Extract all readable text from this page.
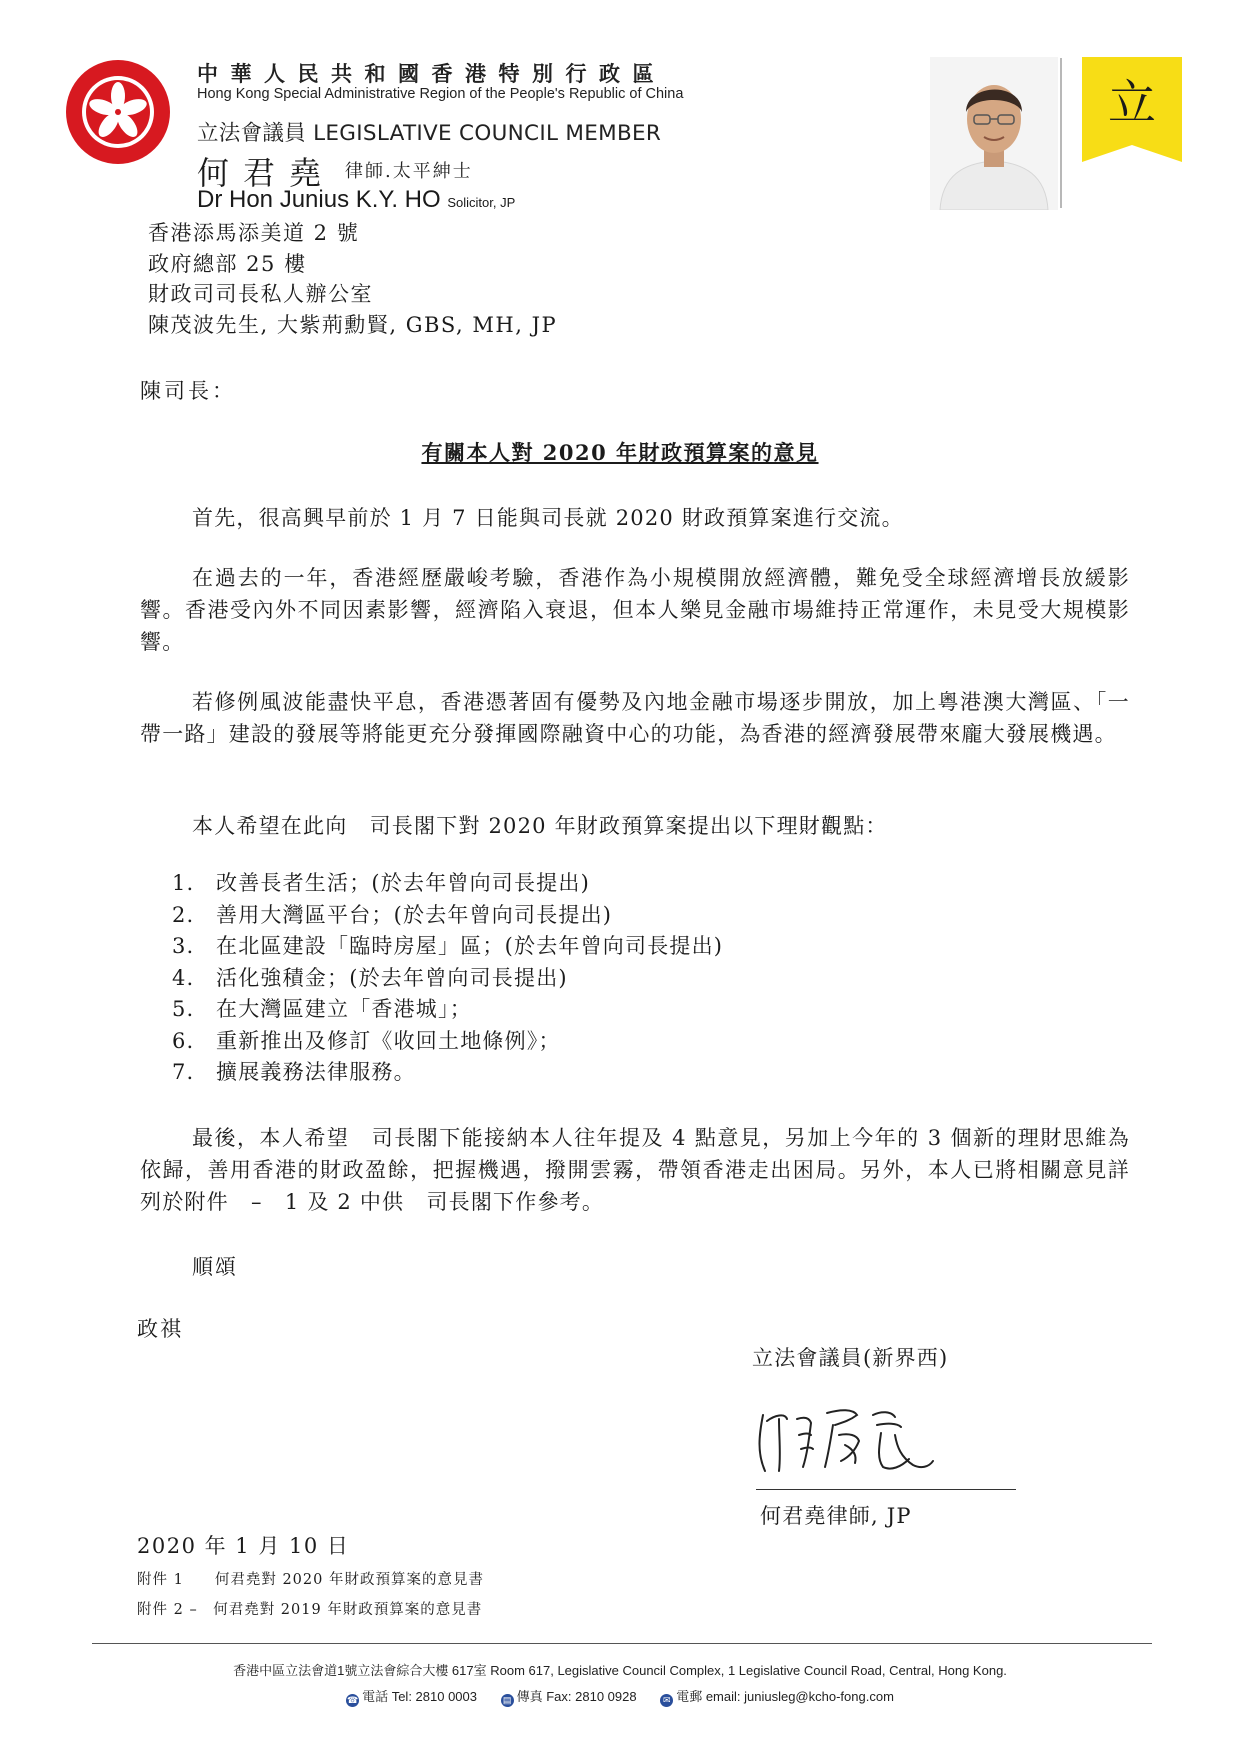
中華人民共和國香港特別行政區
Hong Kong Special Administrative Region of the People's Republic of China
立法會議員 LEGISLATIVE COUNCIL MEMBER
何君堯 律師.太平紳士
Dr Hon Junius K.Y. HO Solicitor, JP
立
香港添馬添美道 2 號
政府總部 25 樓
財政司司長私人辦公室
陳茂波先生, 大紫荊勳賢, GBS, MH, JP
陳司長：
有關本人對 2020 年財政預算案的意見
首先，很高興早前於 1 月 7 日能與司長就 2020 財政預算案進行交流。
在過去的一年，香港經歷嚴峻考驗，香港作為小規模開放經濟體，難免受全球經濟增長放緩影響。香港受內外不同因素影響，經濟陷入衰退，但本人樂見金融市場維持正常運作，未見受大規模影響。
若修例風波能盡快平息，香港憑著固有優勢及內地金融市場逐步開放，加上粵港澳大灣區、「一帶一路」建設的發展等將能更充分發揮國際融資中心的功能，為香港的經濟發展帶來龐大發展機遇。
本人希望在此向　司長閣下對 2020 年財政預算案提出以下理財觀點：
1. 改善長者生活；(於去年曾向司長提出)
2. 善用大灣區平台；(於去年曾向司長提出)
3. 在北區建設「臨時房屋」區；(於去年曾向司長提出)
4. 活化強積金；(於去年曾向司長提出)
5. 在大灣區建立「香港城」；
6. 重新推出及修訂《收回土地條例》；
7. 擴展義務法律服務。
最後，本人希望　司長閣下能接納本人往年提及 4 點意見，另加上今年的 3 個新的理財思維為依歸，善用香港的財政盈餘，把握機遇，撥開雲霧，帶領香港走出困局。另外，本人已將相關意見詳列於附件　–　1 及 2 中供　司長閣下作參考。
順頌
政祺
立法會議員(新界西)
何君堯律師, JP
2020 年 1 月 10 日
附件 1　　何君堯對 2020 年財政預算案的意見書
附件 2 –　何君堯對 2019 年財政預算案的意見書
香港中區立法會道1號立法會綜合大樓 617室 Room 617, Legislative Council Complex, 1 Legislative Council Road, Central, Hong Kong.
☎ 電話 Tel: 2810 0003	▤ 傳真 Fax: 2810 0928	✉ 電郵 email: juniusleg@kcho-fong.com
